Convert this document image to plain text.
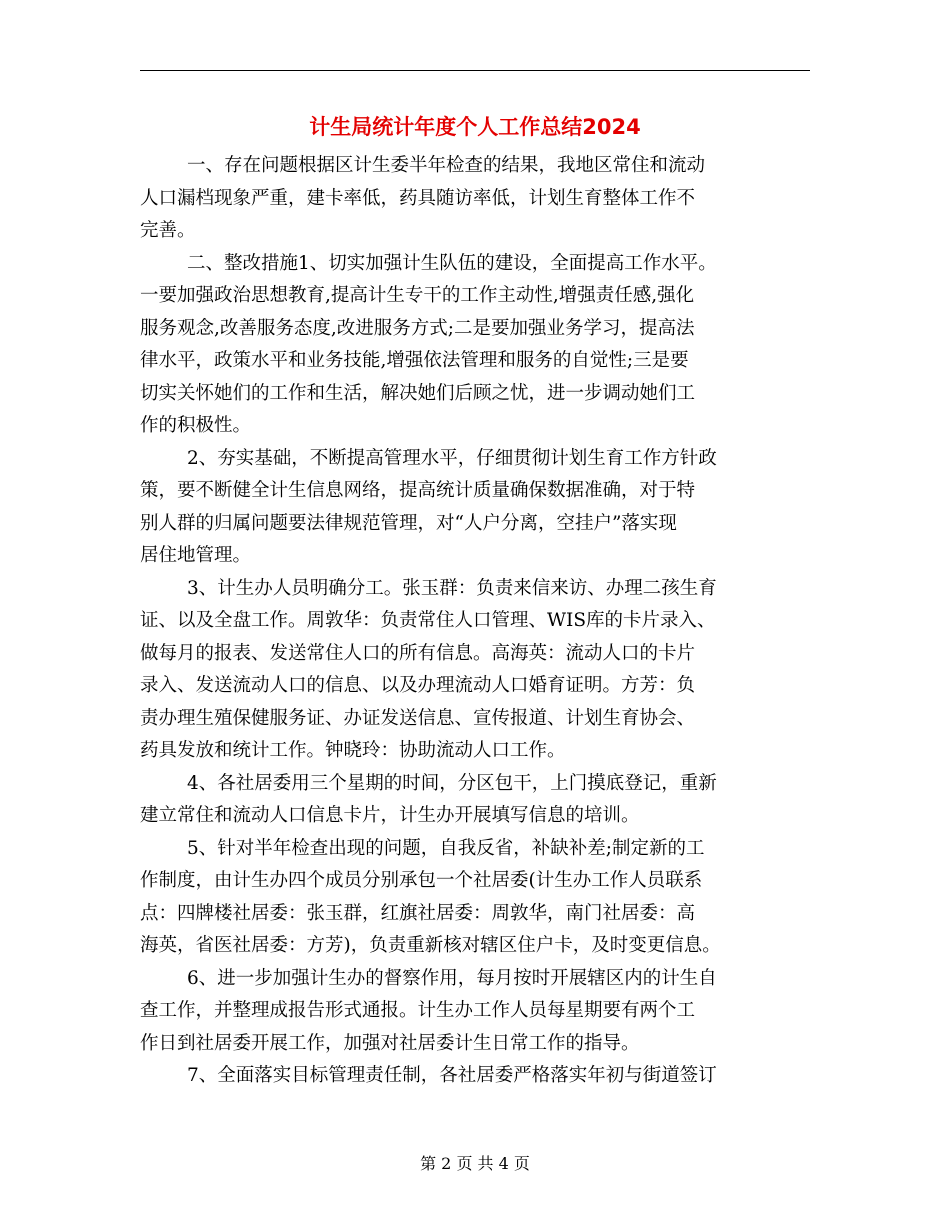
计生局统计年度个人工作总结2024
一、存在问题根据区计生委半年检查的结果，我地区常住和流动
人口漏档现象严重，建卡率低，药具随访率低，计划生育整体工作不
完善。
二、整改措施1、切实加强计生队伍的建设，全面提高工作水平。
一要加强政治思想教育,提高计生专干的工作主动性,增强责任感,强化
服务观念,改善服务态度,改进服务方式;二是要加强业务学习，提高法
律水平，政策水平和业务技能,增强依法管理和服务的自觉性;三是要
切实关怀她们的工作和生活，解决她们后顾之忧，进一步调动她们工
作的积极性。
2、夯实基础，不断提高管理水平，仔细贯彻计划生育工作方针政
策，要不断健全计生信息网络，提高统计质量确保数据准确，对于特
别人群的归属问题要法律规范管理，对“人户分离，空挂户”落实现
居住地管理。
3、计生办人员明确分工。张玉群：负责来信来访、办理二孩生育
证、以及全盘工作。周敦华：负责常住人口管理、WIS库的卡片录入、
做每月的报表、发送常住人口的所有信息。高海英：流动人口的卡片
录入、发送流动人口的信息、以及办理流动人口婚育证明。方芳：负
责办理生殖保健服务证、办证发送信息、宣传报道、计划生育协会、
药具发放和统计工作。钟晓玲：协助流动人口工作。
4、各社居委用三个星期的时间，分区包干，上门摸底登记，重新
建立常住和流动人口信息卡片，计生办开展填写信息的培训。
5、针对半年检查出现的问题，自我反省，补缺补差;制定新的工
作制度，由计生办四个成员分别承包一个社居委(计生办工作人员联系
点：四牌楼社居委：张玉群，红旗社居委：周敦华，南门社居委：高
海英，省医社居委：方芳)，负责重新核对辖区住户卡，及时变更信息。
6、进一步加强计生办的督察作用，每月按时开展辖区内的计生自
查工作，并整理成报告形式通报。计生办工作人员每星期要有两个工
作日到社居委开展工作，加强对社居委计生日常工作的指导。
7、全面落实目标管理责任制，各社居委严格落实年初与街道签订
第 2 页 共 4 页
